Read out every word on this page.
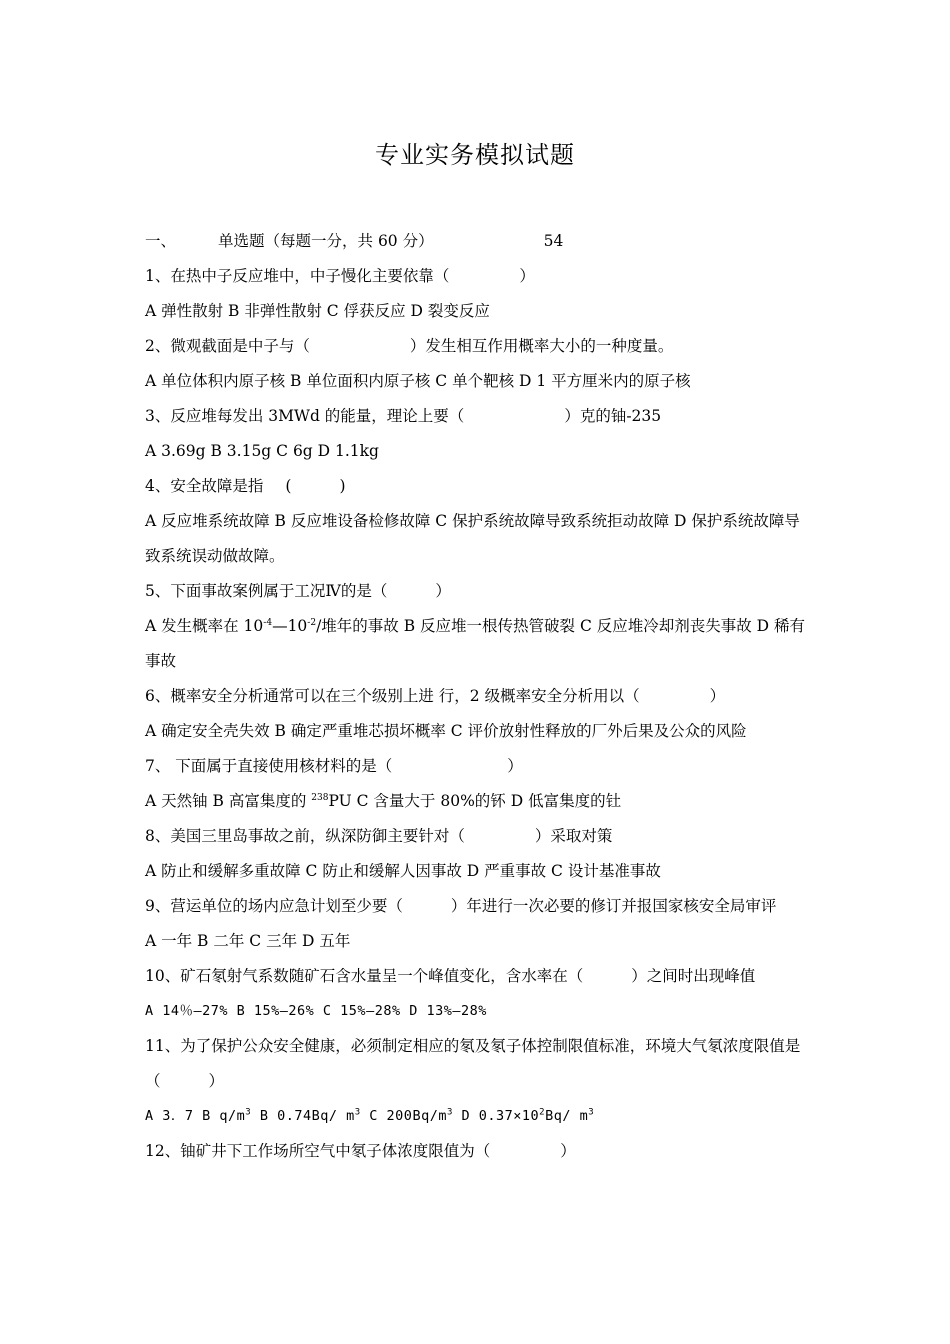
专业实务模拟试题
一、	单选题（每题一分，共 60 分）	54
1、在热中子反应堆中，中子慢化主要依靠（	）
A 弹性散射 B 非弹性散射 C 俘获反应 D 裂变反应
2、微观截面是中子与（	）发生相互作用概率大小的一种度量。
A 单位体积内原子核 B 单位面积内原子核 C 单个靶核 D 1 平方厘米内的原子核
3、反应堆每发出 3MWd 的能量，理论上要（	）克的铀-235
A 3.69g B 3.15g C 6g D 1.1kg
4、安全故障是指 (	)
A 反应堆系统故障 B 反应堆设备检修故障 C 保护系统故障导致系统拒动故障 D 保护系统故障导致系统误动做故障。
5、下面事故案例属于工况Ⅳ的是（	）
A 发生概率在 $10^{-4}—10^{-2}/$堆年的事故 B 反应堆一根传热管破裂 C 反应堆冷却剂丧失事故 D 稀有事故
6、概率安全分析通常可以在三个级别上进 行，2 级概率安全分析用以（	）
A 确定安全壳失效 B 确定严重堆芯损坏概率 C 评价放射性释放的厂外后果及公众的风险
7、 下面属于直接使用核材料的是（	）
A 天然铀 B 高富集度的 $^{238}$PU C 含量大于 80%的钚 D 低富集度的钍
8、美国三里岛事故之前，纵深防御主要针对（	）采取对策
A 防止和缓解多重故障 C 防止和缓解人因事故 D 严重事故 C 设计基准事故
9、营运单位的场内应急计划至少要（	）年进行一次必要的修订并报国家核安全局审评
A 一年 B 二年 C 三年 D 五年
10、矿石氡射气系数随矿石含水量呈一个峰值变化，含水率在（	）之间时出现峰值
A 14％—27% B 15%—26% C 15%—28% D 13%—28%
11、为了保护公众安全健康，必须制定相应的氡及氡子体控制限值标准，环境大气氡浓度限值是（	）
A 3．7 B $q/m^3$ B 0.74Bq/ $m^3$ C $200Bq/m^3$ D $0.37\times 10^2Bq/$ $m^3$
12、铀矿井下工作场所空气中氡子体浓度限值为（	）
